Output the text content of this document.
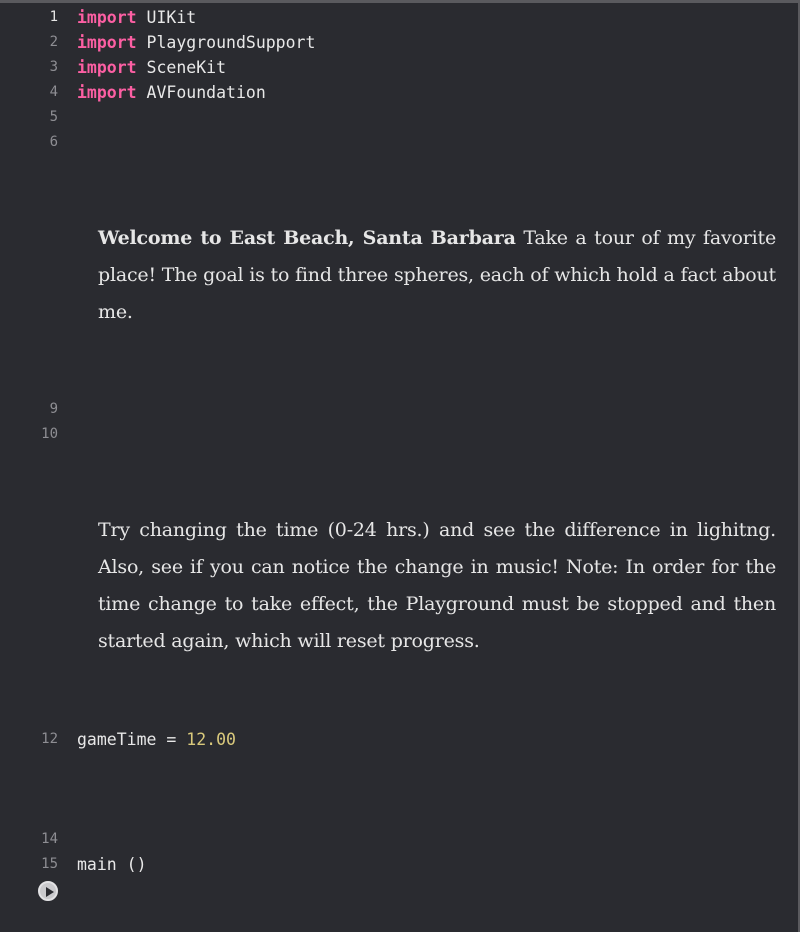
1 import UIKit
2 import PlaygroundSupport
3 import SceneKit
4 import AVFoundation
5
6
Welcome to East Beach, Santa Barbara Take a tour of my favorite place! The goal is to find three spheres, each of which hold a fact about me.
9
10
Try changing the time (0-24 hrs.) and see the difference in lighitng. Also, see if you can notice the change in music! Note: In order for the time change to take effect, the Playground must be stopped and then started again, which will reset progress.
12 gameTime = 12.00
14
15 main ()
